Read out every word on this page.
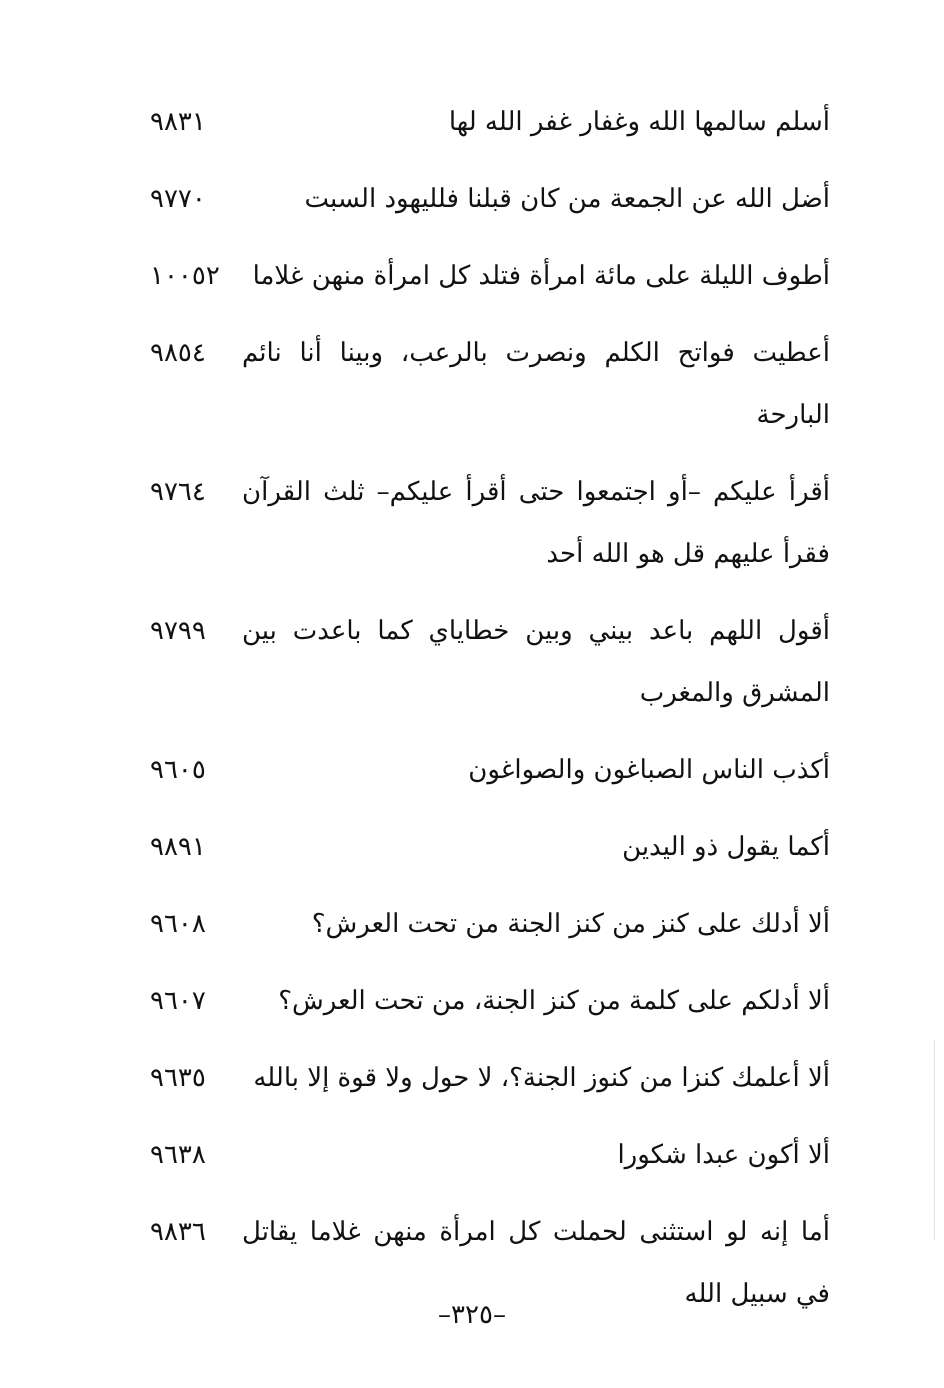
٩٨٣١	أسلم سالمها الله وغفار غفر الله لها
٩٧٧٠	أضل الله عن الجمعة من كان قبلنا فلليهود السبت
١٠٠٥٢	أطوف الليلة على مائة امرأة فتلد كل امرأة منهن غلاما
٩٨٥٤	أعطيت فواتح الكلم ونصرت بالرعب، وبينا أنا نائم البارحة
٩٧٦٤	أقرأ عليكم –أو اجتمعوا حتى أقرأ عليكم– ثلث القرآن فقرأ عليهم قل هو الله أحد
٩٧٩٩	أقول اللهم باعد بيني وبين خطاياي كما باعدت بين المشرق والمغرب
٩٦٠٥	أكذب الناس الصباغون والصواغون
٩٨٩١	أكما يقول ذو اليدين
٩٦٠٨	ألا أدلك على كنز من كنز الجنة من تحت العرش؟
٩٦٠٧	ألا أدلكم على كلمة من كنز الجنة، من تحت العرش؟
٩٦٣٥	ألا أعلمك كنزا من كنوز الجنة؟، لا حول ولا قوة إلا بالله
٩٦٣٨	ألا أكون عبدا شكورا
٩٨٣٦	أما إنه لو استثنى لحملت كل امرأة منهن غلاما يقاتل في سبيل الله
–٣٢٥–
